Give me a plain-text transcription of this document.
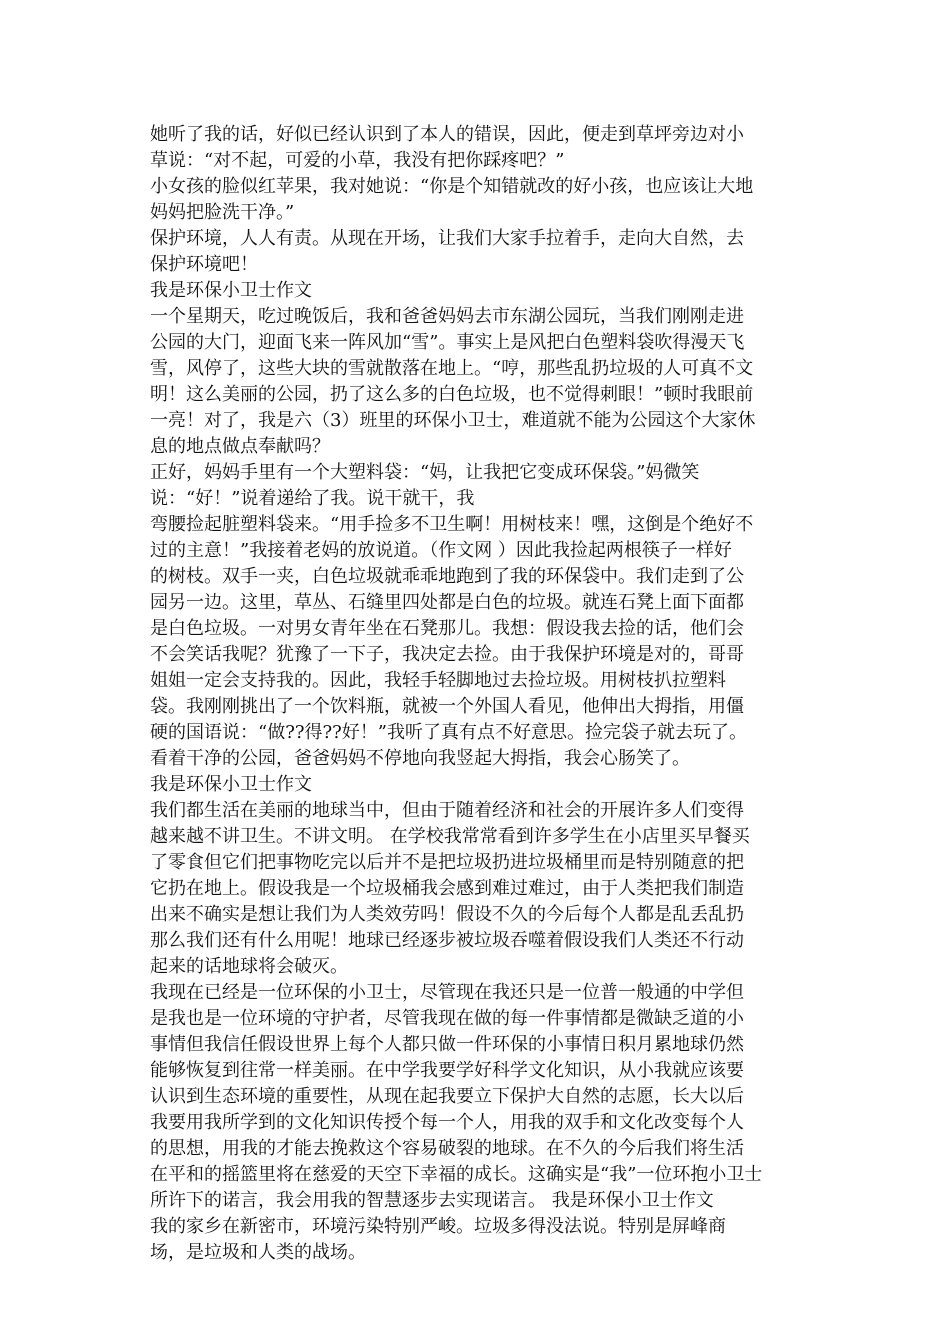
她听了我的话，好似已经认识到了本人的错误，因此，便走到草坪旁边对小
草说：“对不起，可爱的小草，我没有把你踩疼吧？”
小女孩的脸似红苹果，我对她说：“你是个知错就改的好小孩，也应该让大地
妈妈把脸洗干净。”
保护环境，人人有责。从现在开场，让我们大家手拉着手，走向大自然，去
保护环境吧！
我是环保小卫士作文
一个星期天，吃过晚饭后，我和爸爸妈妈去市东湖公园玩，当我们刚刚走进
公园的大门，迎面飞来一阵风加“雪”。事实上是风把白色塑料袋吹得漫天飞
雪，风停了，这些大块的雪就散落在地上。“哼，那些乱扔垃圾的人可真不文
明！这么美丽的公园，扔了这么多的白色垃圾，也不觉得刺眼！”顿时我眼前
一亮！对了，我是六（3）班里的环保小卫士，难道就不能为公园这个大家休
息的地点做点奉献吗？
正好，妈妈手里有一个大塑料袋：“妈，让我把它变成环保袋。”妈微笑
说：“好！”说着递给了我。说干就干，我
弯腰捡起脏塑料袋来。“用手捡多不卫生啊！用树枝来！嘿，这倒是个绝好不
过的主意！”我接着老妈的放说道。（作文网 ）因此我捡起两根筷子一样好
的树枝。双手一夹，白色垃圾就乖乖地跑到了我的环保袋中。我们走到了公
园另一边。这里，草丛、石缝里四处都是白色的垃圾。就连石凳上面下面都
是白色垃圾。一对男女青年坐在石凳那儿。我想：假设我去捡的话，他们会
不会笑话我呢？犹豫了一下子，我决定去捡。由于我保护环境是对的，哥哥
姐姐一定会支持我的。因此，我轻手轻脚地过去捡垃圾。用树枝扒拉塑料
袋。我刚刚挑出了一个饮料瓶，就被一个外国人看见，他伸出大拇指，用僵
硬的国语说：“做??得??好！”我听了真有点不好意思。捡完袋子就去玩了。
看着干净的公园，爸爸妈妈不停地向我竖起大拇指，我会心肠笑了。
我是环保小卫士作文
我们都生活在美丽的地球当中，但由于随着经济和社会的开展许多人们变得
越来越不讲卫生。不讲文明。 在学校我常常看到许多学生在小店里买早餐买
了零食但它们把事物吃完以后并不是把垃圾扔进垃圾桶里而是特别随意的把
它扔在地上。假设我是一个垃圾桶我会感到难过难过，由于人类把我们制造
出来不确实是想让我们为人类效劳吗！假设不久的今后每个人都是乱丢乱扔
那么我们还有什么用呢！地球已经逐步被垃圾吞噬着假设我们人类还不行动
起来的话地球将会破灭。
我现在已经是一位环保的小卫士，尽管现在我还只是一位普一般通的中学但
是我也是一位环境的守护者，尽管我现在做的每一件事情都是微缺乏道的小
事情但我信任假设世界上每个人都只做一件环保的小事情日积月累地球仍然
能够恢复到往常一样美丽。在中学我要学好科学文化知识，从小我就应该要
认识到生态环境的重要性，从现在起我要立下保护大自然的志愿，长大以后
我要用我所学到的文化知识传授个每一个人，用我的双手和文化改变每个人
的思想，用我的才能去挽救这个容易破裂的地球。在不久的今后我们将生活
在平和的摇篮里将在慈爱的天空下幸福的成长。这确实是“我”一位环抱小卫士
所许下的诺言，我会用我的智慧逐步去实现诺言。 我是环保小卫士作文
我的家乡在新密市，环境污染特别严峻。垃圾多得没法说。特别是屏峰商
场，是垃圾和人类的战场。
